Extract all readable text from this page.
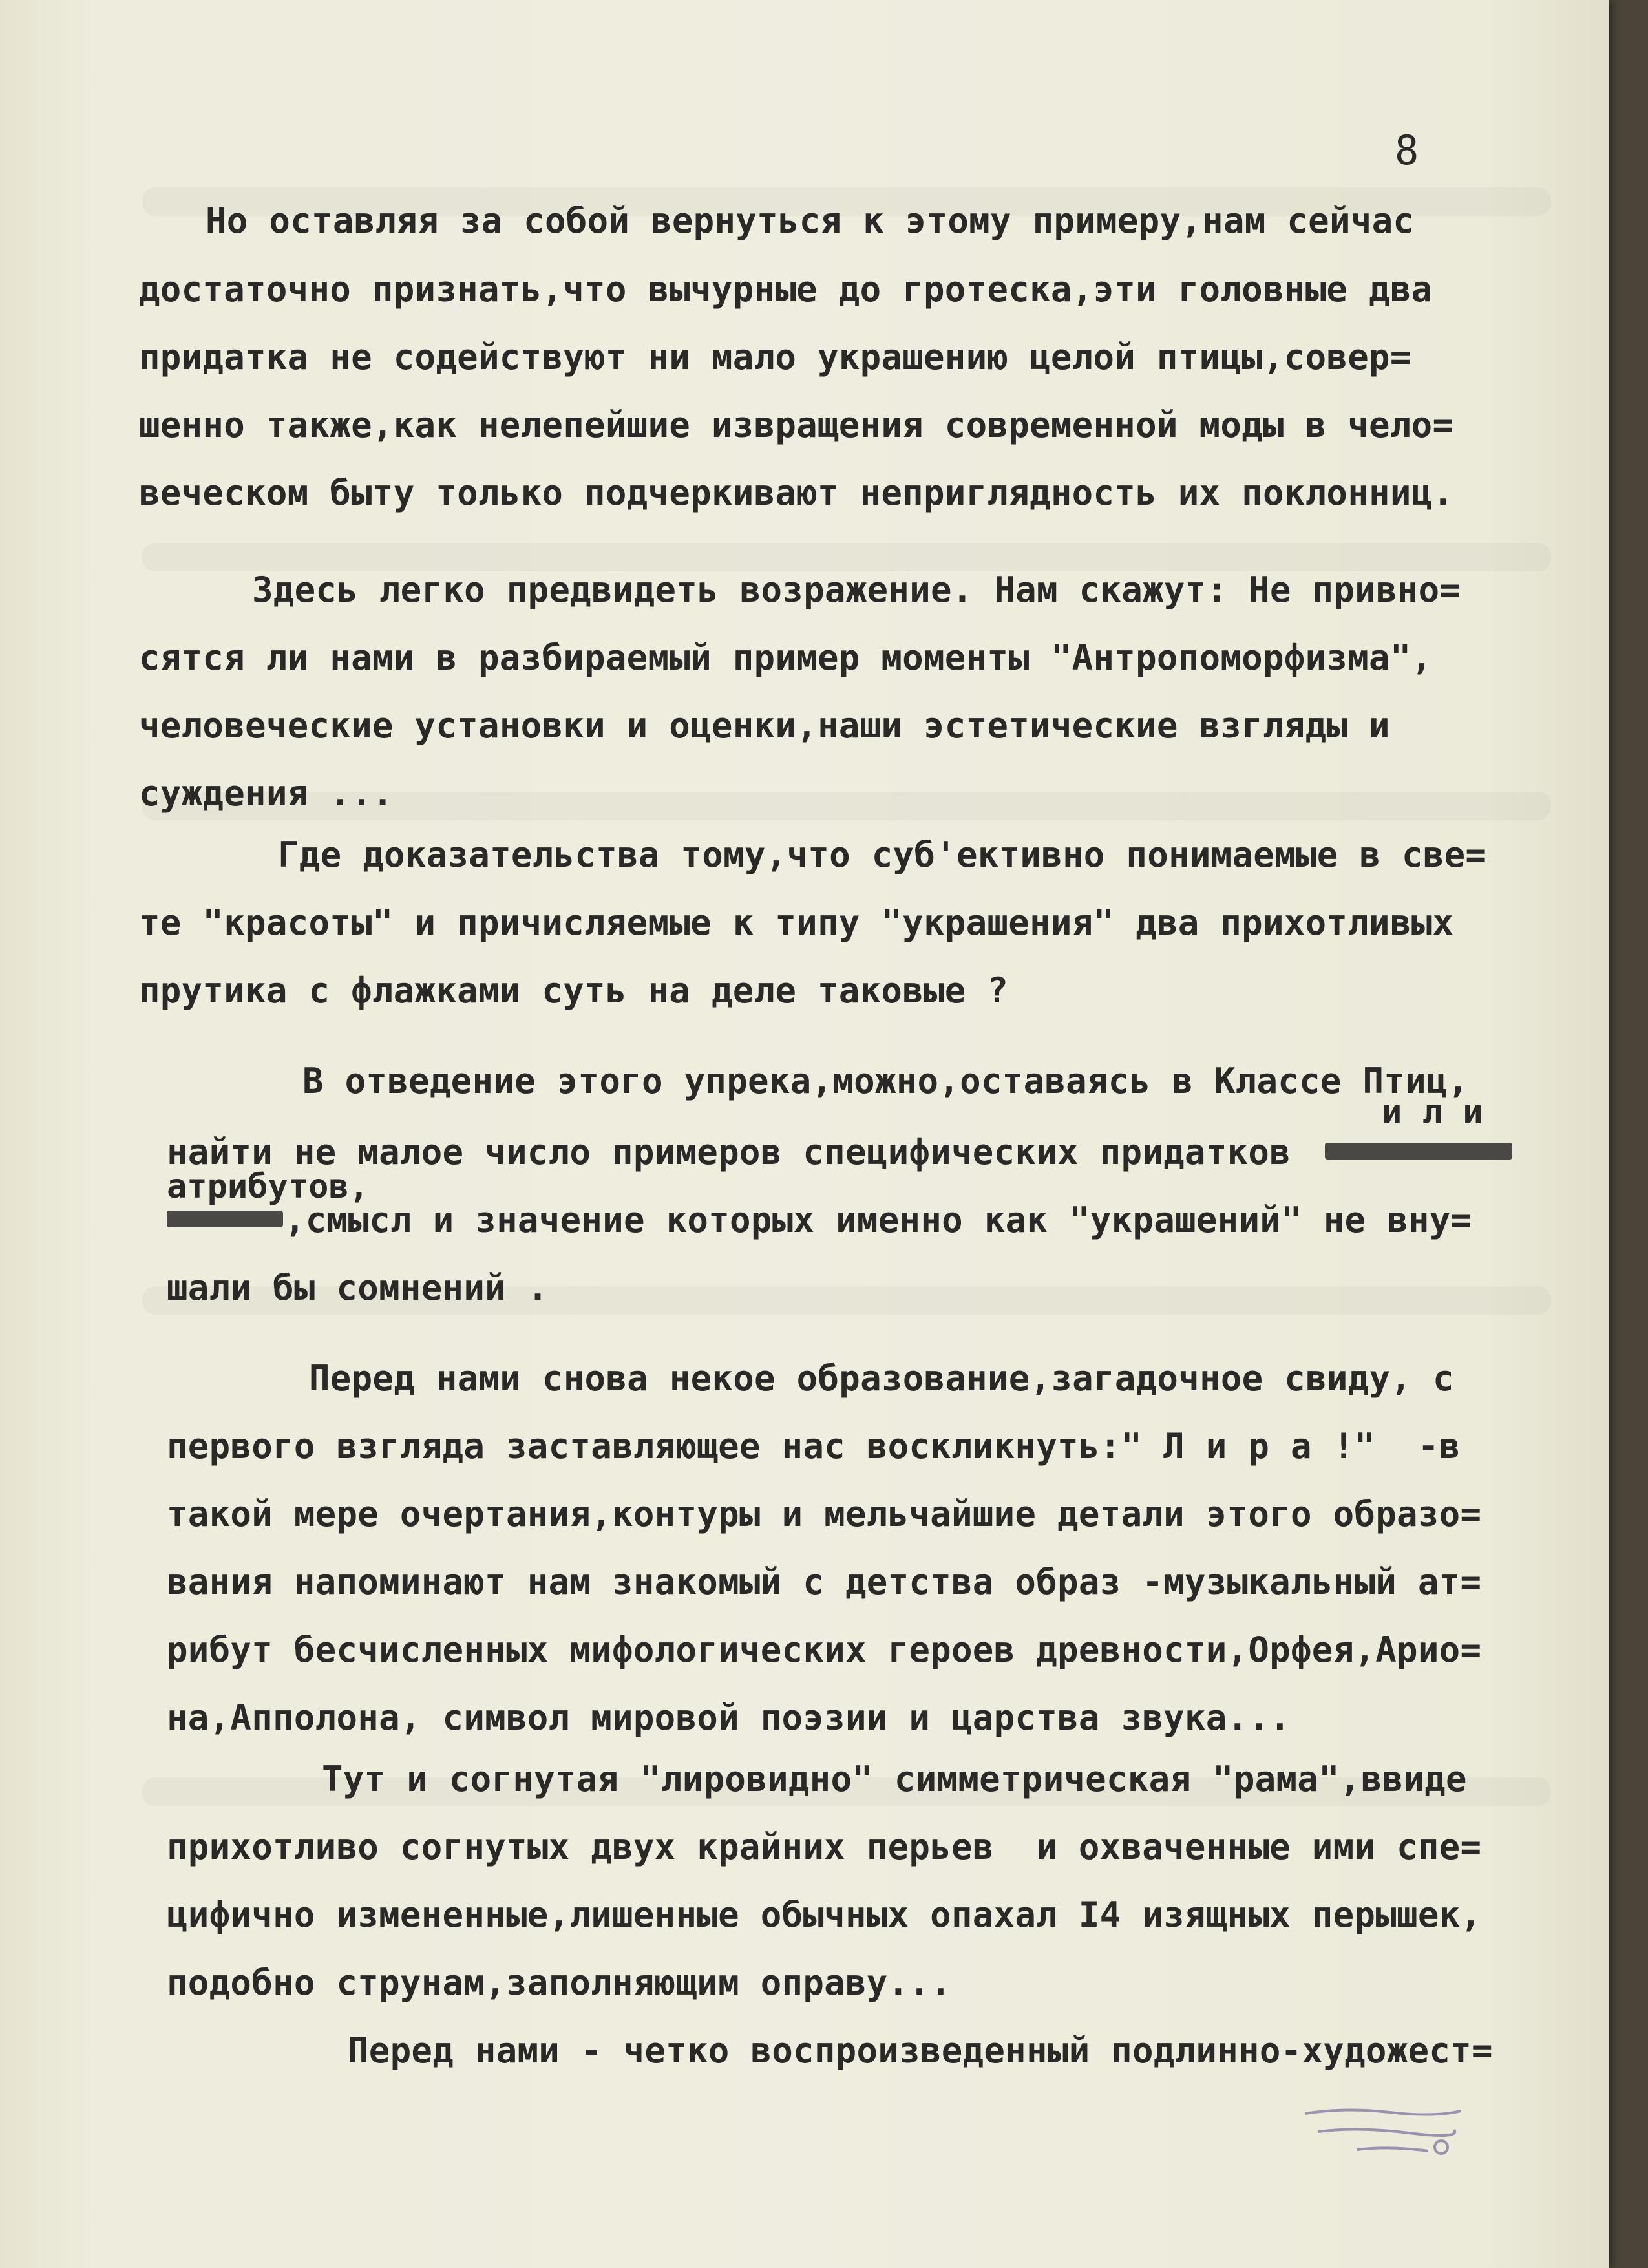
8

Но оставляя за собой вернуться к этому примеру,нам сейчас

достаточно признать,что вычурные до гротеска,эти головные два

придатка не содействуют ни мало украшению целой птицы,совер=

шенно также,как нелепейшие извращения современной моды в чело=

веческом быту только подчеркивают неприглядность их поклонниц.

Здесь легко предвидеть возражение. Нам скажут: Не привно=

сятся ли нами в разбираемый пример моменты "Антропоморфизма",

человеческие установки и оценки,наши эстетические взгляды и

суждения ...

Где доказательства тому,что суб'ективно понимаемые в све=

те "красоты" и причисляемые к типу "украшения" два прихотливых

прутика с флажками суть на деле таковые ?

В отведение этого упрека,можно,оставаясь в Классе Птиц,

и л и

найти не малое число примеров специфических придатков

атрибутов,

,смысл и значение которых именно как "украшений" не вну=

шали бы сомнений .

Перед нами снова некое образование,загадочное свиду, с

первого взгляда заставляющее нас воскликнуть:" Л и р а !"  -в

такой мере очертания,контуры и мельчайшие детали этого образо=

вания напоминают нам знакомый с детства образ -музыкальный ат=

рибут бесчисленных мифологических героев древности,Орфея,Арио=

на,Апполона, символ мировой поэзии и царства звука...

Тут и согнутая "лировидно" симметрическая "рама",ввиде

прихотливо согнутых двух крайних перьев  и охваченные ими спе=

цифично измененные,лишенные обычных опахал I4 изящных перышек,

подобно струнам,заполняющим оправу...

Перед нами - четко воспроизведенный подлинно-художест=
